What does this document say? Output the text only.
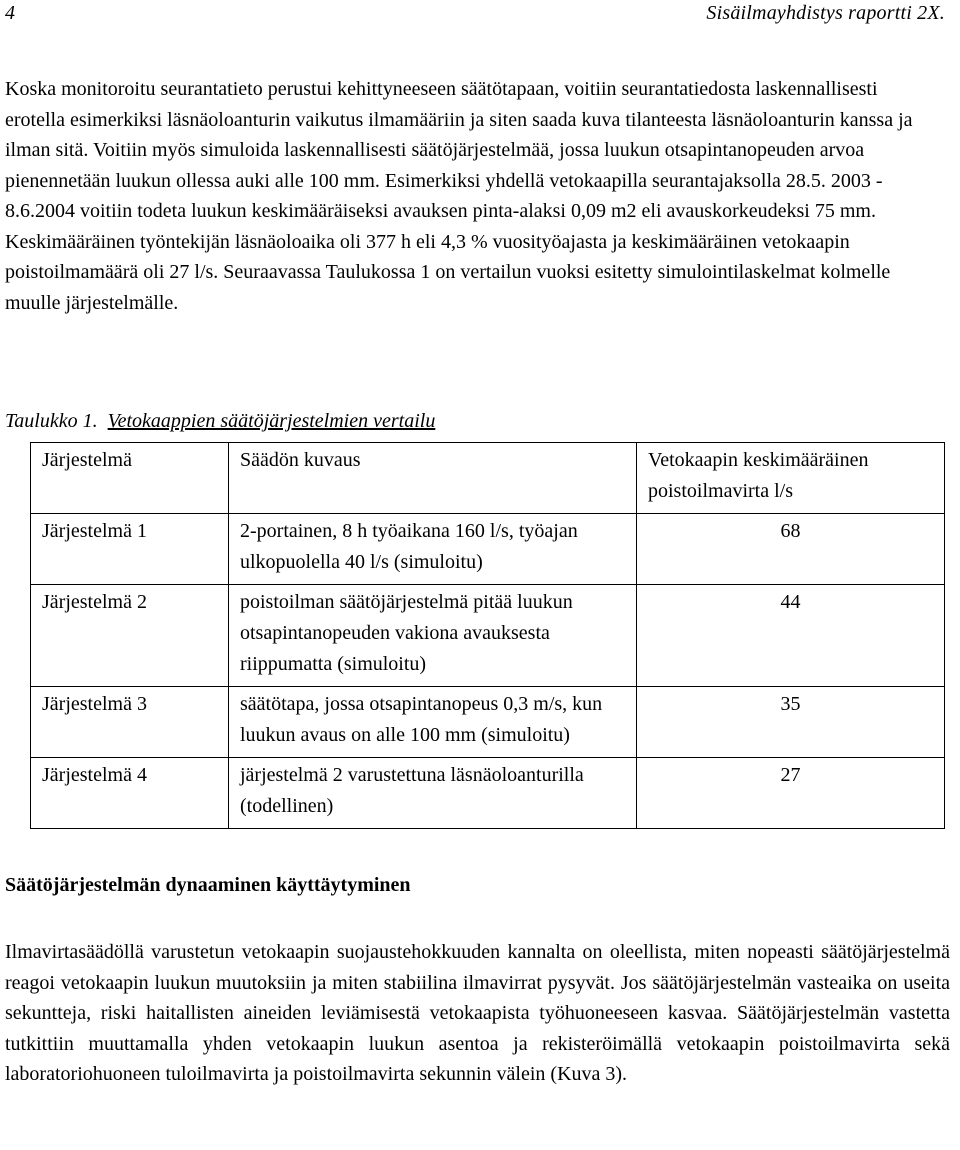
4	Sisäilmayhdistys raportti 2X.

Koska monitoroitu seurantatieto perustui kehittyneeseen säätötapaan, voitiin seurantatiedosta laskennallisesti erotella esimerkiksi läsnäoloanturin vaikutus ilmamääriin ja siten saada kuva tilanteesta läsnäoloanturin kanssa ja ilman sitä. Voitiin myös simuloida laskennallisesti säätöjärjestelmää, jossa luukun otsapintanopeuden arvoa pienennetään luukun ollessa auki alle 100 mm. Esimerkiksi yhdellä vetokaapilla seurantajaksolla 28.5. 2003 - 8.6.2004 voitiin todeta luukun keskimääräiseksi avauksen pinta-alaksi 0,09 m2 eli avauskorkeudeksi 75 mm. Keskimääräinen työntekijän läsnäoloaika oli 377 h eli 4,3 % vuosityöajasta ja keskimääräinen vetokaapin poistoilmamäärä oli 27 l/s. Seuraavassa Taulukossa 1 on vertailun vuoksi esitetty simulointilaskelmat kolmelle muulle järjestelmälle.

Taulukko 1. Vetokaappien säätöjärjestelmien vertailu

Järjestelmä	Säädön kuvaus	Vetokaapin keskimääräinen poistoilmavirta l/s
Järjestelmä 1	2-portainen, 8 h työaikana 160 l/s, työajan ulkopuolella 40 l/s (simuloitu)	68
Järjestelmä 2	poistoilman säätöjärjestelmä pitää luukun otsapintanopeuden vakiona avauksesta riippumatta (simuloitu)	44
Järjestelmä 3	säätötapa, jossa otsapintanopeus 0,3 m/s, kun luukun avaus on alle 100 mm (simuloitu)	35
Järjestelmä 4	järjestelmä 2 varustettuna läsnäoloanturilla (todellinen)	27

Säätöjärjestelmän dynaaminen käyttäytyminen

Ilmavirtasäädöllä varustetun vetokaapin suojaustehokkuuden kannalta on oleellista, miten nopeasti säätöjärjestelmä reagoi vetokaapin luukun muutoksiin ja miten stabiilina ilmavirrat pysyvät. Jos säätöjärjestelmän vasteaika on useita sekuntteja, riski haitallisten aineiden leviämisestä vetokaapista työhuoneeseen kasvaa. Säätöjärjestelmän vastetta tutkittiin muuttamalla yhden vetokaapin luukun asentoa ja rekisteröimällä vetokaapin poistoilmavirta sekä laboratoriohuoneen tuloilmavirta ja poistoilmavirta sekunnin välein (Kuva 3).
